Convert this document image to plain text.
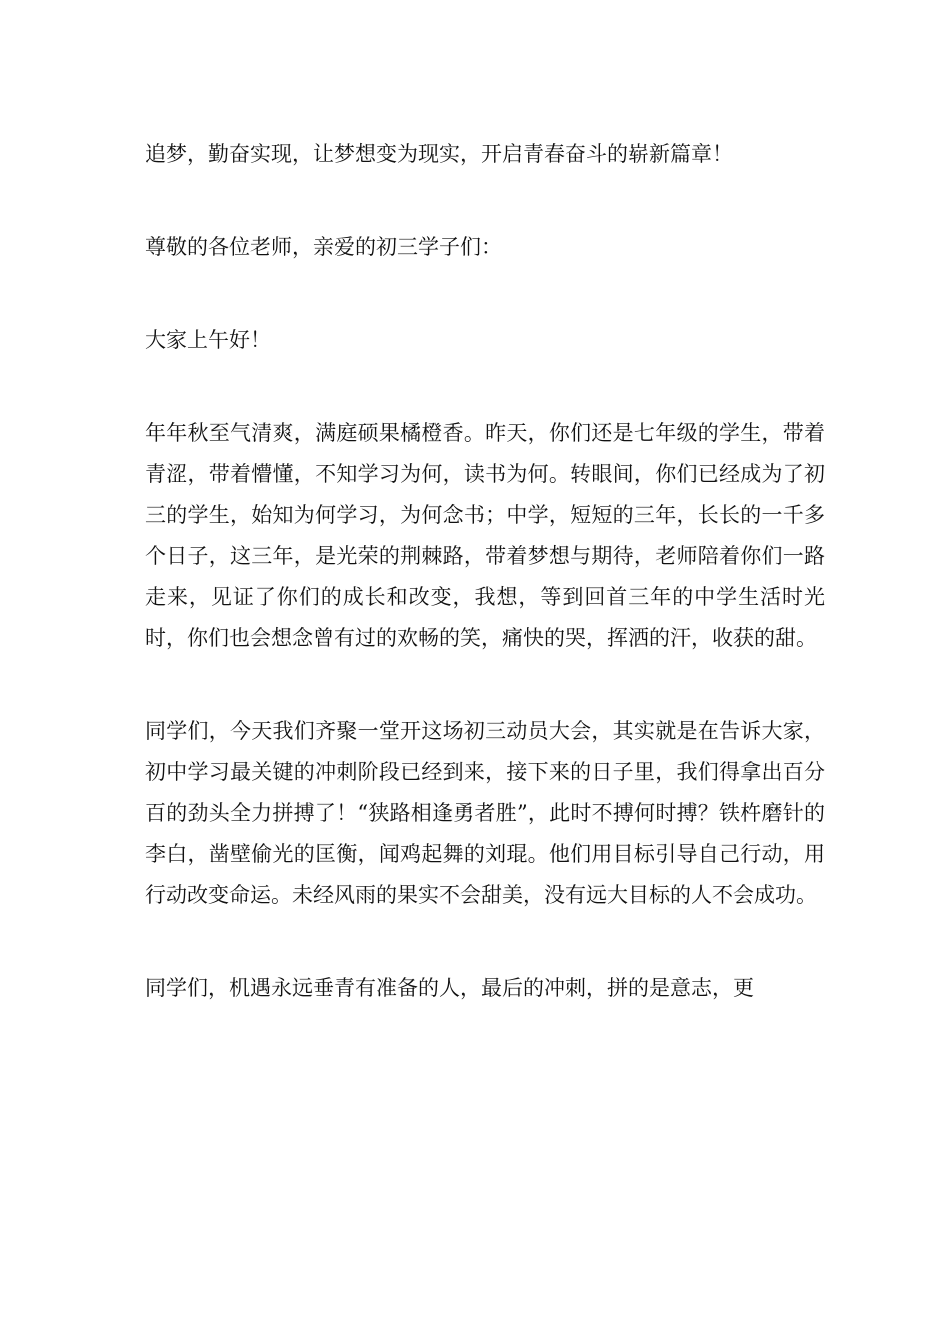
追梦，勤奋实现，让梦想变为现实，开启青春奋斗的崭新篇章！

尊敬的各位老师，亲爱的初三学子们：

大家上午好！

年年秋至气清爽，满庭硕果橘橙香。昨天，你们还是七年级的学生，带着青涩，带着懵懂，不知学习为何，读书为何。转眼间，你们已经成为了初三的学生，始知为何学习，为何念书；中学，短短的三年，长长的一千多个日子，这三年，是光荣的荆棘路，带着梦想与期待，老师陪着你们一路走来，见证了你们的成长和改变，我想，等到回首三年的中学生活时光时，你们也会想念曾有过的欢畅的笑，痛快的哭，挥洒的汗，收获的甜。

同学们，今天我们齐聚一堂开这场初三动员大会，其实就是在告诉大家，初中学习最关键的冲刺阶段已经到来，接下来的日子里，我们得拿出百分百的劲头全力拼搏了！“狭路相逢勇者胜”，此时不搏何时搏？铁杵磨针的李白，凿壁偷光的匡衡，闻鸡起舞的刘琨。他们用目标引导自己行动，用行动改变命运。未经风雨的果实不会甜美，没有远大目标的人不会成功。

同学们，机遇永远垂青有准备的人，最后的冲刺，拼的是意志，更
